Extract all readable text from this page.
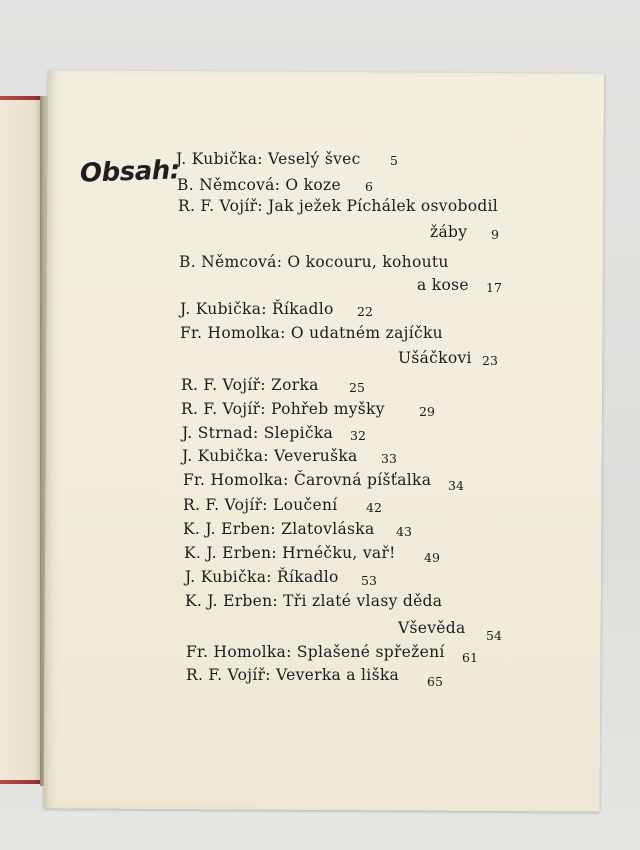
Obsah:
J. Kubička: Veselý švec 5
B. Němcová: O koze 6
R. F. Vojíř: Jak ježek Píchálek osvobodil
žáby 9
B. Němcová: O kocouru, kohoutu
a kose 17
J. Kubička: Říkadlo 22
Fr. Homolka: O udatném zajíčku
Ušáčkovi 23
R. F. Vojíř: Zorka 25
R. F. Vojíř: Pohřeb myšky	29
J. Strnad: Slepička 32
J. Kubička: Veveruška 33
Fr. Homolka: Čarovná píšťalka 34
R. F. Vojíř: Loučení 42
K. J. Erben: Zlatovláska 43
K. J. Erben: Hrnéčku, vař! 49
J. Kubička: Říkadlo 53
K. J. Erben: Tři zlaté vlasy děda
Vševěda 54
Fr. Homolka: Splašené spřežení 61
R. F. Vojíř: Veverka a liška 65
